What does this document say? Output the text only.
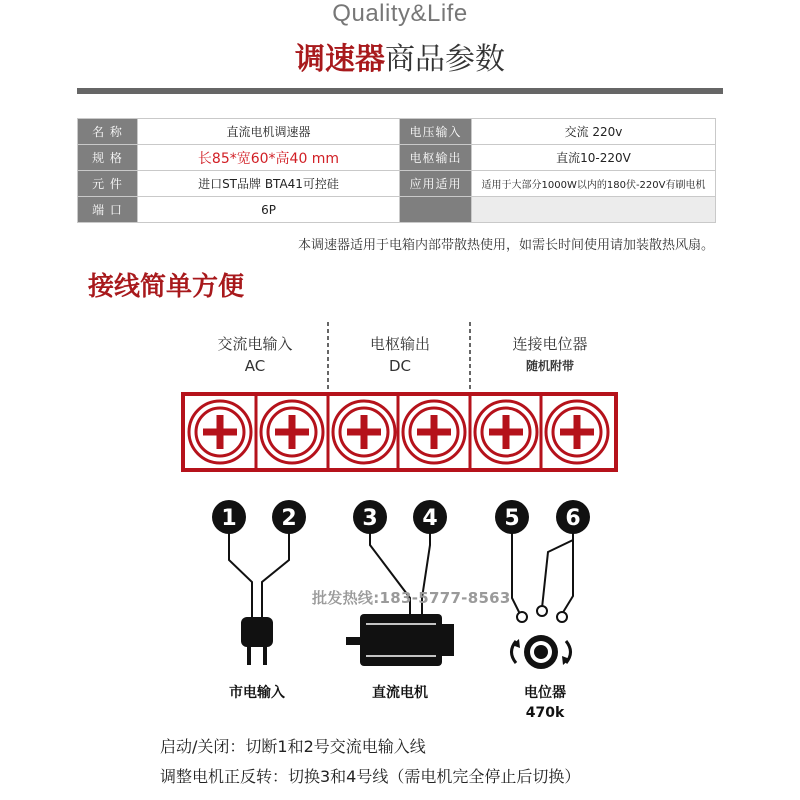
Quality&Life
调速器商品参数
名 称	直流电机调速器	电压输入	交流 220v
规 格	长85*宽60*高40 mm	电枢输出	直流10-220V
元 件	进口ST品牌 BTA41可控硅	应用适用	适用于大部分1000W以内的180伏-220V有刷电机
端 口	6P		
本调速器适用于电箱内部带散热使用，如需长时间使用请加装散热风扇。
接线简单方便
交流电输入
AC
电枢输出
DC
连接电位器
随机附带
1 2	3 4	5 6
批发热线:183-5777-8563
市电输入	直流电机	电位器
470k
启动/关闭：切断1和2号交流电输入线
调整电机正反转：切换3和4号线（需电机完全停止后切换）
